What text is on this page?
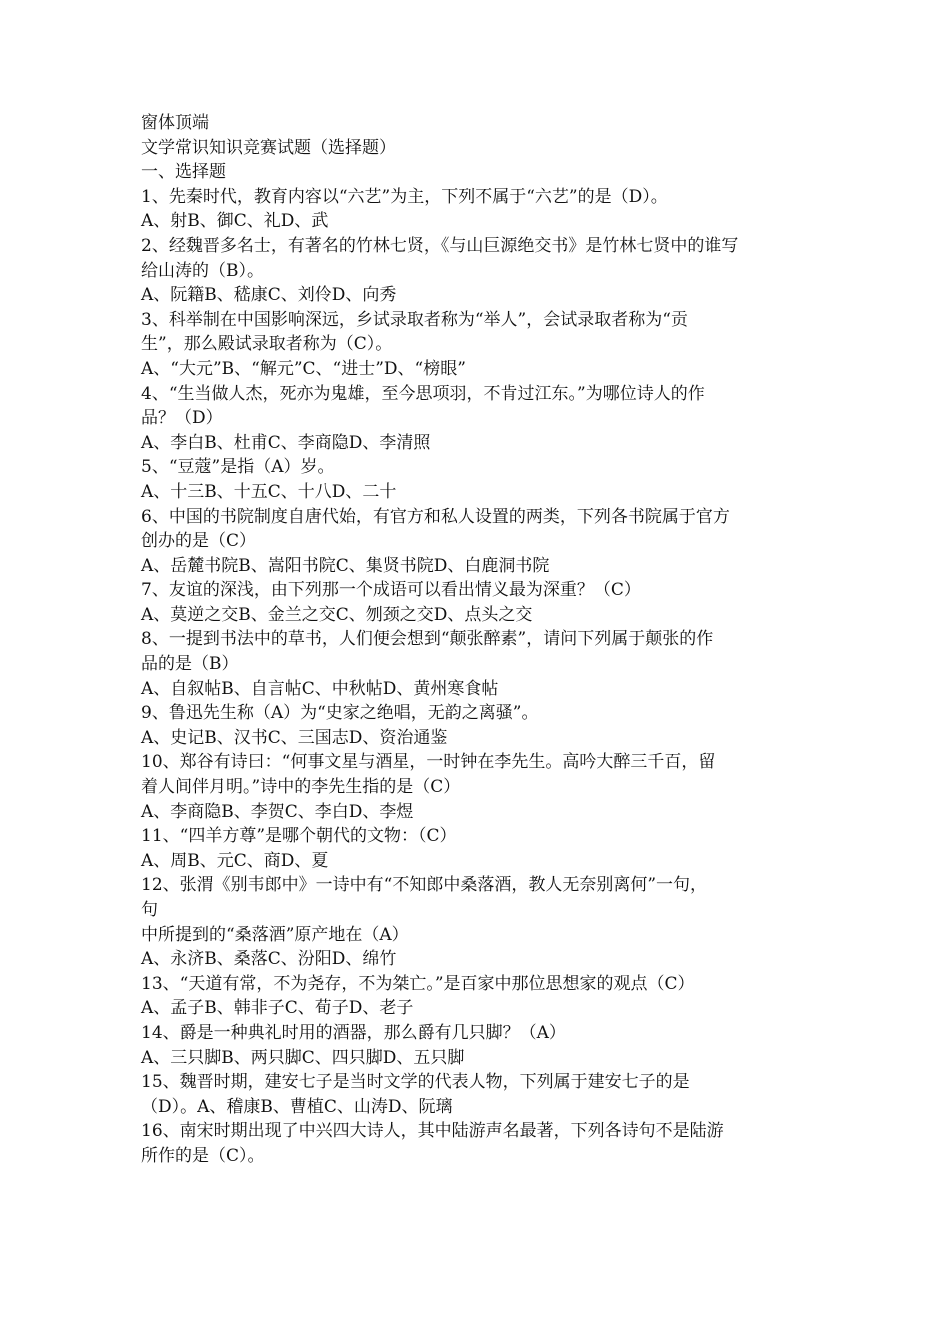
窗体顶端
文学常识知识竞赛试题（选择题）
一、选择题
1、先秦时代，教育内容以“六艺”为主，下列不属于“六艺”的是（D）。
A、射B、御C、礼D、武
2、经魏晋多名士，有著名的竹林七贤，《与山巨源绝交书》是竹林七贤中的谁写
给山涛的（B）。
A、阮籍B、嵇康C、刘伶D、向秀
3、科举制在中国影响深远，乡试录取者称为“举人”，会试录取者称为“贡
生”，那么殿试录取者称为（C）。
A、“大元”B、“解元”C、“进士”D、“榜眼”
4、“生当做人杰，死亦为鬼雄，至今思项羽，不肯过江东。”为哪位诗人的作
品？（D）
A、李白B、杜甫C、李商隐D、李清照
5、“豆蔻”是指（A）岁。
A、十三B、十五C、十八D、二十
6、中国的书院制度自唐代始，有官方和私人设置的两类，下列各书院属于官方
创办的是（C）
A、岳麓书院B、嵩阳书院C、集贤书院D、白鹿洞书院
7、友谊的深浅，由下列那一个成语可以看出情义最为深重？（C）
A、莫逆之交B、金兰之交C、刎颈之交D、点头之交
8、一提到书法中的草书，人们便会想到“颠张醉素”，请问下列属于颠张的作
品的是（B）
A、自叙帖B、自言帖C、中秋帖D、黄州寒食帖
9、鲁迅先生称（A）为“史家之绝唱，无韵之离骚”。
A、史记B、汉书C、三国志D、资治通鉴
10、郑谷有诗曰：“何事文星与酒星，一时钟在李先生。高吟大醉三千百，留
着人间伴月明。”诗中的李先生指的是（C）
A、李商隐B、李贺C、李白D、李煜
11、“四羊方尊”是哪个朝代的文物：（C）
A、周B、元C、商D、夏
12、张渭《别韦郎中》一诗中有“不知郎中桑落酒，教人无奈别离何”一句，
句
中所提到的“桑落酒”原产地在（A）
A、永济B、桑落C、汾阳D、绵竹
13、“天道有常，不为尧存，不为桀亡。”是百家中那位思想家的观点（C）
A、孟子B、韩非子C、荀子D、老子
14、爵是一种典礼时用的酒器，那么爵有几只脚？（A）
A、三只脚B、两只脚C、四只脚D、五只脚
15、魏晋时期，建安七子是当时文学的代表人物，下列属于建安七子的是
（D）。A、稽康B、曹植C、山涛D、阮璃
16、南宋时期出现了中兴四大诗人，其中陆游声名最著，下列各诗句不是陆游
所作的是（C）。
